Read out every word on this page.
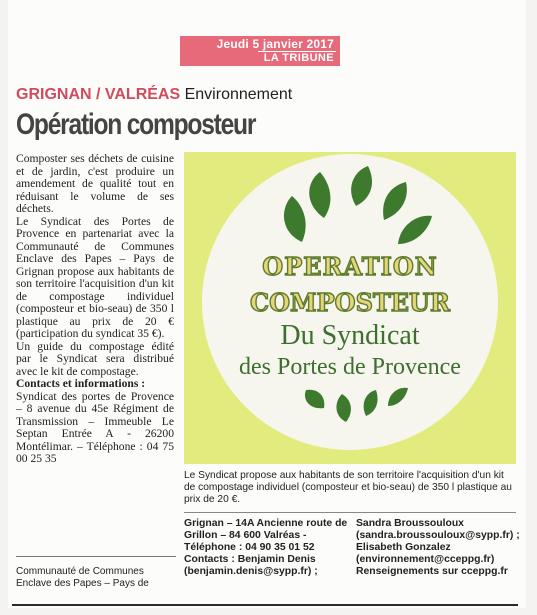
Jeudi 5 janvier 2017
LA TRIBUNE
GRIGNAN / VALRÉAS Environnement
Opération composteur

Composter ses déchets de cuisine et de jardin, c'est produire un amendement de qualité tout en réduisant le volume de ses déchets.

Le Syndicat des Portes de Provence en partenariat avec la Communauté de Communes Enclave des Papes – Pays de Grignan propose aux habitants de son territoire l'acquisition d'un kit de compostage individuel (composteur et bio-seau) de 350 l plastique au prix de 20 € (participation du syndicat 35 €).

Un guide du compostage édité par le Syndicat sera distribué avec le kit de compostage.

Contacts et informations :

Syndicat des portes de Provence – 8 avenue du 45e Régiment de Transmission – Immeuble Le Septan Entrée A - 26200 Montélimar. – Téléphone : 04 75 00 25 35

Communauté de Communes Enclave des Papes – Pays de
OPERATION
COMPOSTEUR
Du Syndicat
des Portes de Provence
Le Syndicat propose aux habitants de son territoire l'acquisition d'un kit de compostage individuel (composteur et bio-seau) de 350 l plastique au prix de 20 €.
Grignan – 14A Ancienne route de Grillon – 84 600 Valréas -
Téléphone : 04 90 35 01 52
Contacts : Benjamin Denis (benjamin.denis@sypp.fr) ;
Sandra Broussouloux (sandra.broussouloux@sypp.fr) ; Elisabeth Gonzalez (environnement@cceppg.fr)
Renseignements sur cceppg.fr
